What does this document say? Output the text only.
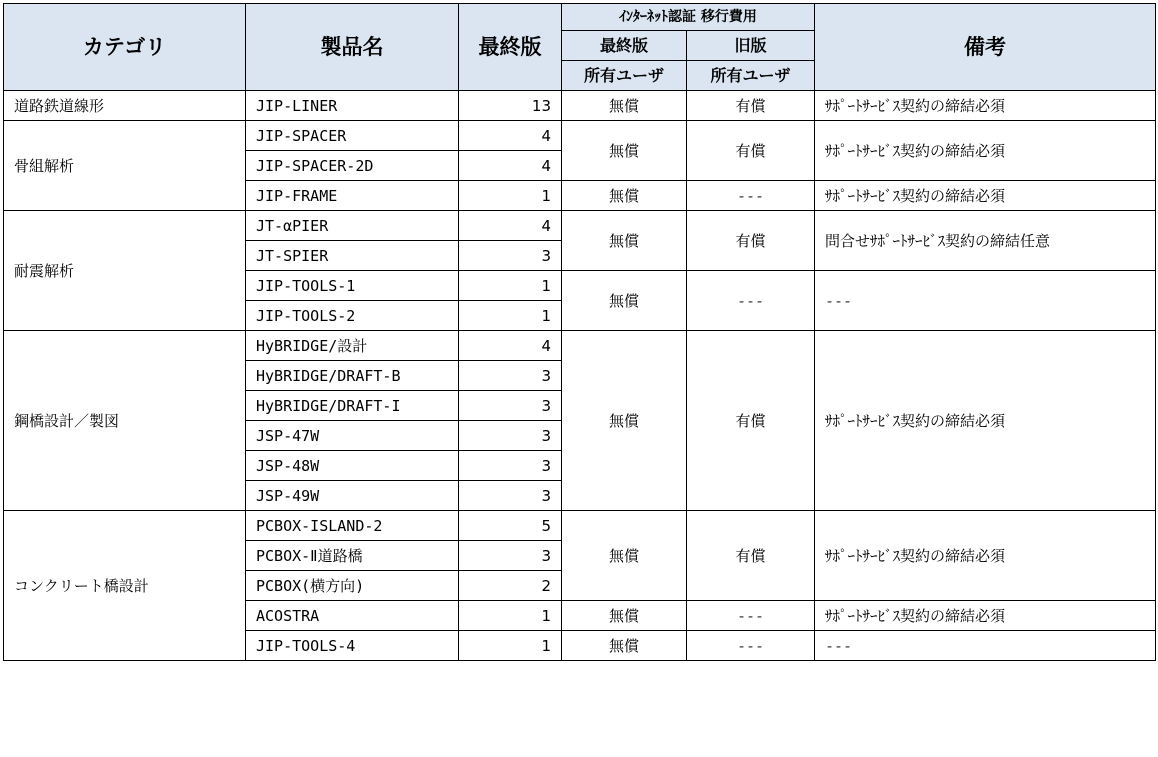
カテゴリ	製品名	最終版	ｲﾝﾀｰﾈｯﾄ認証 移行費用		備考
			最終版	旧版	
			所有ユーザ	所有ユーザ	
道路鉄道線形	JIP-LINER	13	無償	有償	ｻﾎﾟｰﾄｻｰﾋﾞｽ契約の締結必須
骨組解析	JIP-SPACER	4	無償	有償	ｻﾎﾟｰﾄｻｰﾋﾞｽ契約の締結必須
	JIP-SPACER-2D	4			
	JIP-FRAME	1	無償	---	ｻﾎﾟｰﾄｻｰﾋﾞｽ契約の締結必須
耐震解析	JT-αPIER	4	無償	有償	問合せｻﾎﾟｰﾄｻｰﾋﾞｽ契約の締結任意
	JT-SPIER	3			
	JIP-TOOLS-1	1	無償	---	---
	JIP-TOOLS-2	1			
鋼橋設計／製図	HyBRIDGE/設計	4	無償	有償	ｻﾎﾟｰﾄｻｰﾋﾞｽ契約の締結必須
	HyBRIDGE/DRAFT-B	3			
	HyBRIDGE/DRAFT-I	3			
	JSP-47W	3			
	JSP-48W	3			
	JSP-49W	3			
コンクリート橋設計	PCBOX-ISLAND-2	5	無償	有償	ｻﾎﾟｰﾄｻｰﾋﾞｽ契約の締結必須
	PCBOX-Ⅱ道路橋	3			
	PCBOX(横方向)	2			
	ACOSTRA	1	無償	---	ｻﾎﾟｰﾄｻｰﾋﾞｽ契約の締結必須
	JIP-TOOLS-4	1	無償	---	---
